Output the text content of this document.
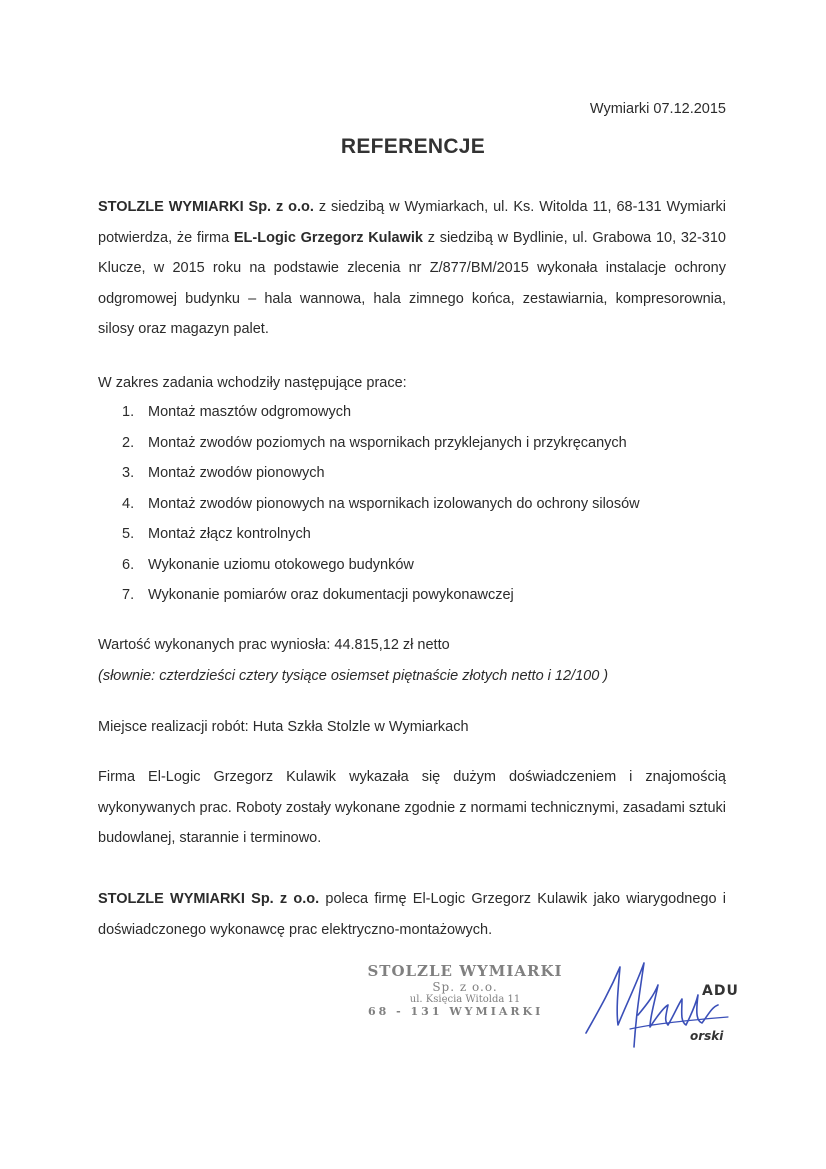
Wymiarki 07.12.2015
REFERENCJE
STOLZLE WYMIARKI Sp. z o.o. z siedzibą w Wymiarkach, ul. Ks. Witolda 11, 68-131 Wymiarki potwierdza, że firma EL-Logic Grzegorz Kulawik z siedzibą w Bydlinie, ul. Grabowa 10, 32-310 Klucze, w 2015 roku na podstawie zlecenia nr Z/877/BM/2015 wykonała instalacje ochrony odgromowej budynku – hala wannowa, hala zimnego końca, zestawiarnia, kompresorownia, silosy oraz magazyn palet.
W zakres zadania wchodziły następujące prace:
1. Montaż masztów odgromowych
2. Montaż zwodów poziomych na wspornikach przyklejanych i przykręcanych
3. Montaż zwodów pionowych
4. Montaż zwodów pionowych na wspornikach izolowanych do ochrony silosów
5. Montaż złącz kontrolnych
6. Wykonanie uziomu otokowego budynków
7. Wykonanie pomiarów oraz dokumentacji powykonawczej
Wartość wykonanych prac wyniosła: 44.815,12 zł netto
(słownie: czterdzieści cztery tysiące osiemset piętnaście złotych netto i 12/100 )
Miejsce realizacji robót: Huta Szkła Stolzle w Wymiarkach
Firma El-Logic Grzegorz Kulawik wykazała się dużym doświadczeniem i znajomością wykonywanych prac. Roboty zostały wykonane zgodnie z normami technicznymi, zasadami sztuki budowlanej, starannie i terminowo.
STOLZLE WYMIARKI Sp. z o.o. poleca firmę El-Logic Grzegorz Kulawik jako wiarygodnego i doświadczonego wykonawcę prac elektryczno-montażowych.
STOLZLE WYMIARKI
Sp. z o.o.
ul. Księcia Witolda 11
68 - 131 WYMIARKI
ADU
orski
